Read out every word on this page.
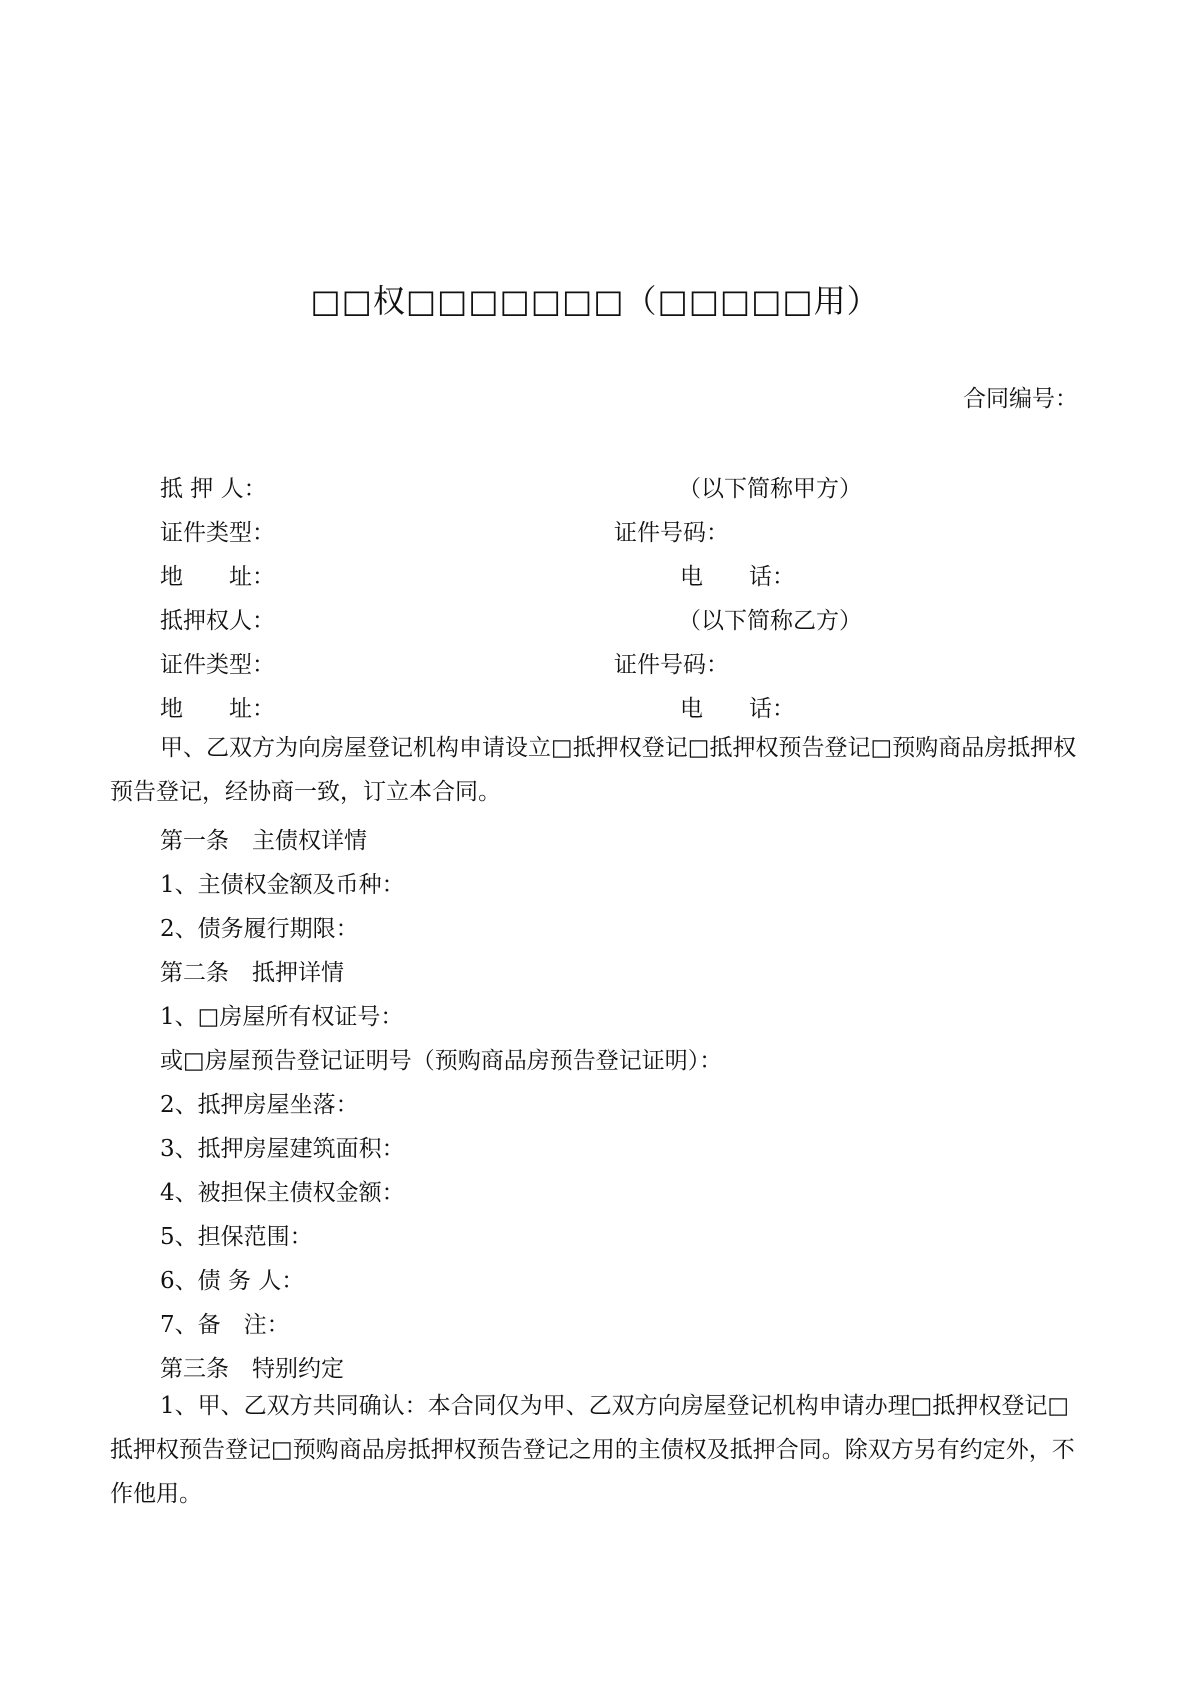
□□权□□□□□□□（□□□□□用）
合同编号：
抵 押 人：	（以下简称甲方）
证件类型：	证件号码：
地　　址：	电　　话：
抵押权人：	（以下简称乙方）
证件类型：	证件号码：
地　　址：	电　　话：
甲、乙双方为向房屋登记机构申请设立□抵押权登记□抵押权预告登记□预购商品房抵押权预告登记，经协商一致，订立本合同。
第一条　主债权详情
1、主债权金额及币种：
2、债务履行期限：
第二条　抵押详情
1、□房屋所有权证号：
或□房屋预告登记证明号（预购商品房预告登记证明）：
2、抵押房屋坐落：
3、抵押房屋建筑面积：
4、被担保主债权金额：
5、担保范围：
6、债 务 人：
7、备　注：
第三条　特别约定
1、甲、乙双方共同确认：本合同仅为甲、乙双方向房屋登记机构申请办理□抵押权登记□抵押权预告登记□预购商品房抵押权预告登记之用的主债权及抵押合同。除双方另有约定外，不作他用。
